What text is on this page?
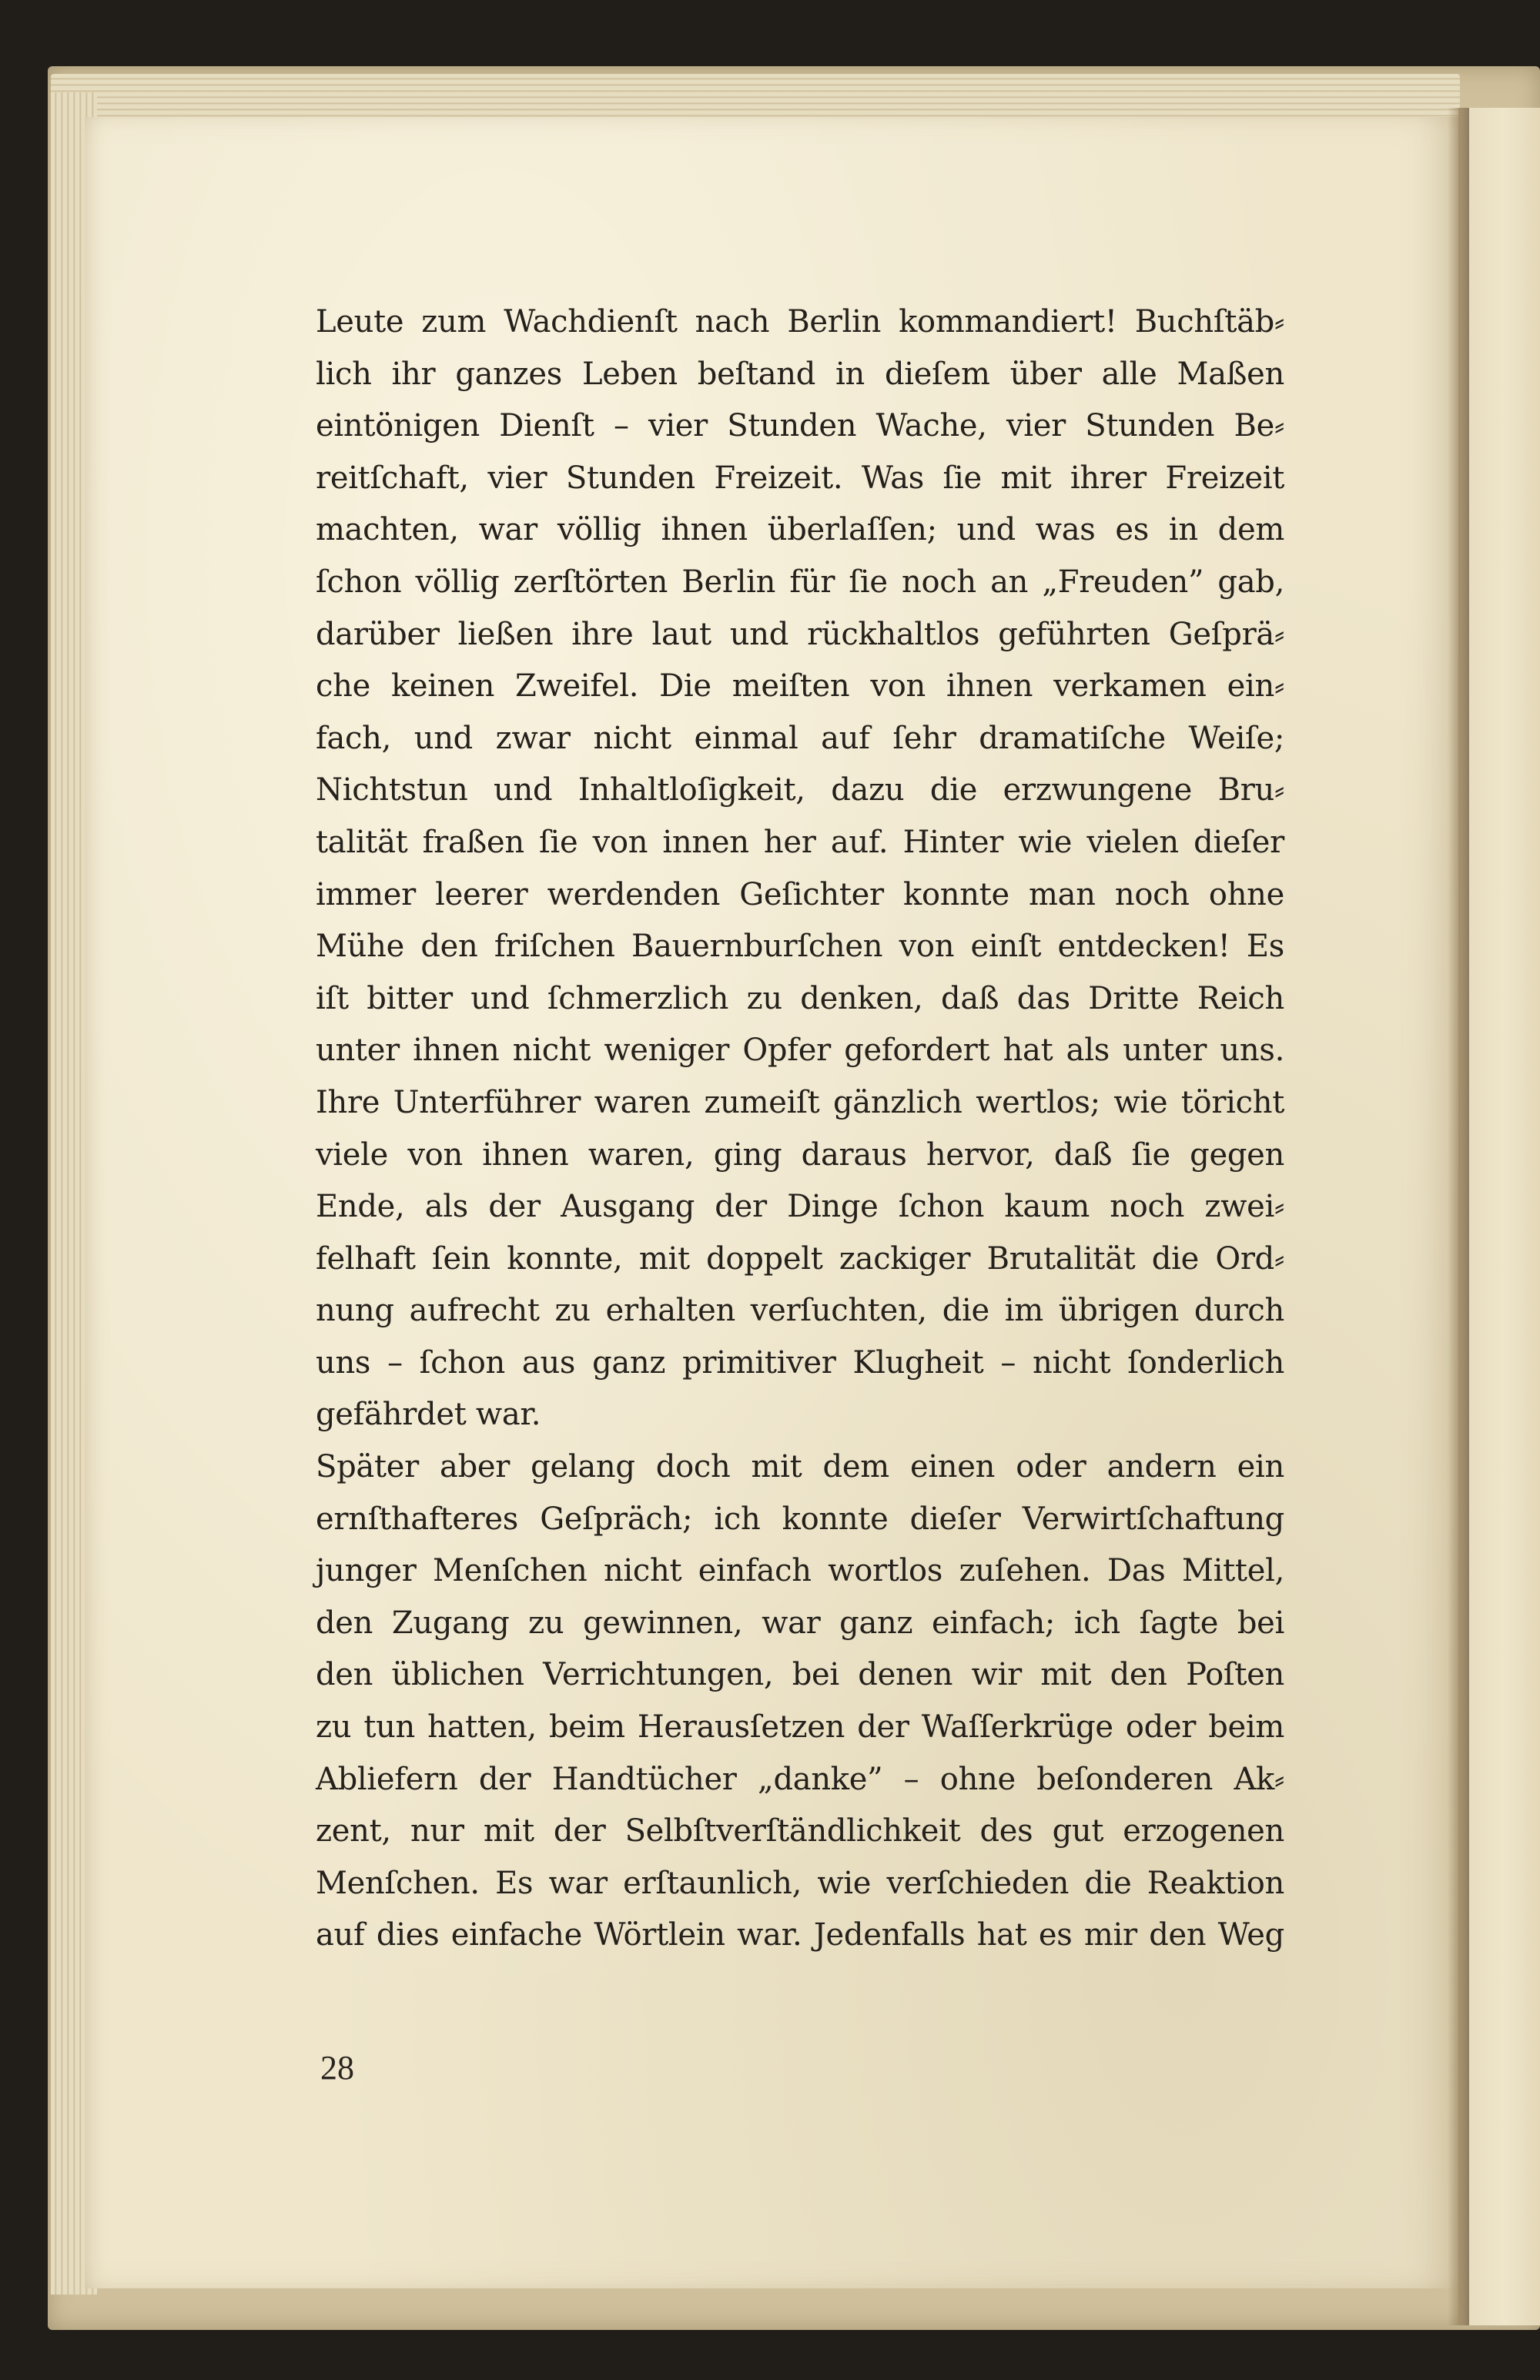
Leute zum Wachdienſt nach Berlin kommandiert! Buchſtäb⸗
lich ihr ganzes Leben beſtand in dieſem über alle Maßen
eintönigen Dienſt – vier Stunden Wache, vier Stunden Be⸗
reitſchaft, vier Stunden Freizeit. Was ſie mit ihrer Freizeit
machten, war völlig ihnen überlaſſen; und was es in dem
ſchon völlig zerſtörten Berlin für ſie noch an „Freuden” gab,
darüber ließen ihre laut und rückhaltlos geführten Geſprä⸗
che keinen Zweifel. Die meiſten von ihnen verkamen ein⸗
fach, und zwar nicht einmal auf ſehr dramatiſche Weiſe;
Nichtstun und Inhaltloſigkeit, dazu die erzwungene Bru⸗
talität fraßen ſie von innen her auf. Hinter wie vielen dieſer
immer leerer werdenden Geſichter konnte man noch ohne
Mühe den friſchen Bauernburſchen von einſt entdecken! Es
iſt bitter und ſchmerzlich zu denken, daß das Dritte Reich
unter ihnen nicht weniger Opfer gefordert hat als unter uns.
Ihre Unterführer waren zumeiſt gänzlich wertlos; wie töricht
viele von ihnen waren, ging daraus hervor, daß ſie gegen
Ende, als der Ausgang der Dinge ſchon kaum noch zwei⸗
felhaft ſein konnte, mit doppelt zackiger Brutalität die Ord⸗
nung aufrecht zu erhalten verſuchten, die im übrigen durch
uns – ſchon aus ganz primitiver Klugheit – nicht ſonderlich
gefährdet war.
Später aber gelang doch mit dem einen oder andern ein
ernſthafteres Geſpräch; ich konnte dieſer Verwirtſchaftung
junger Menſchen nicht einfach wortlos zuſehen. Das Mittel,
den Zugang zu gewinnen, war ganz einfach; ich ſagte bei
den üblichen Verrichtungen, bei denen wir mit den Poſten
zu tun hatten, beim Herausſetzen der Waſſerkrüge oder beim
Abliefern der Handtücher „danke” – ohne beſonderen Ak⸗
zent, nur mit der Selbſtverſtändlichkeit des gut erzogenen
Menſchen. Es war erſtaunlich, wie verſchieden die Reaktion
auf dies einfache Wörtlein war. Jedenfalls hat es mir den Weg
28
